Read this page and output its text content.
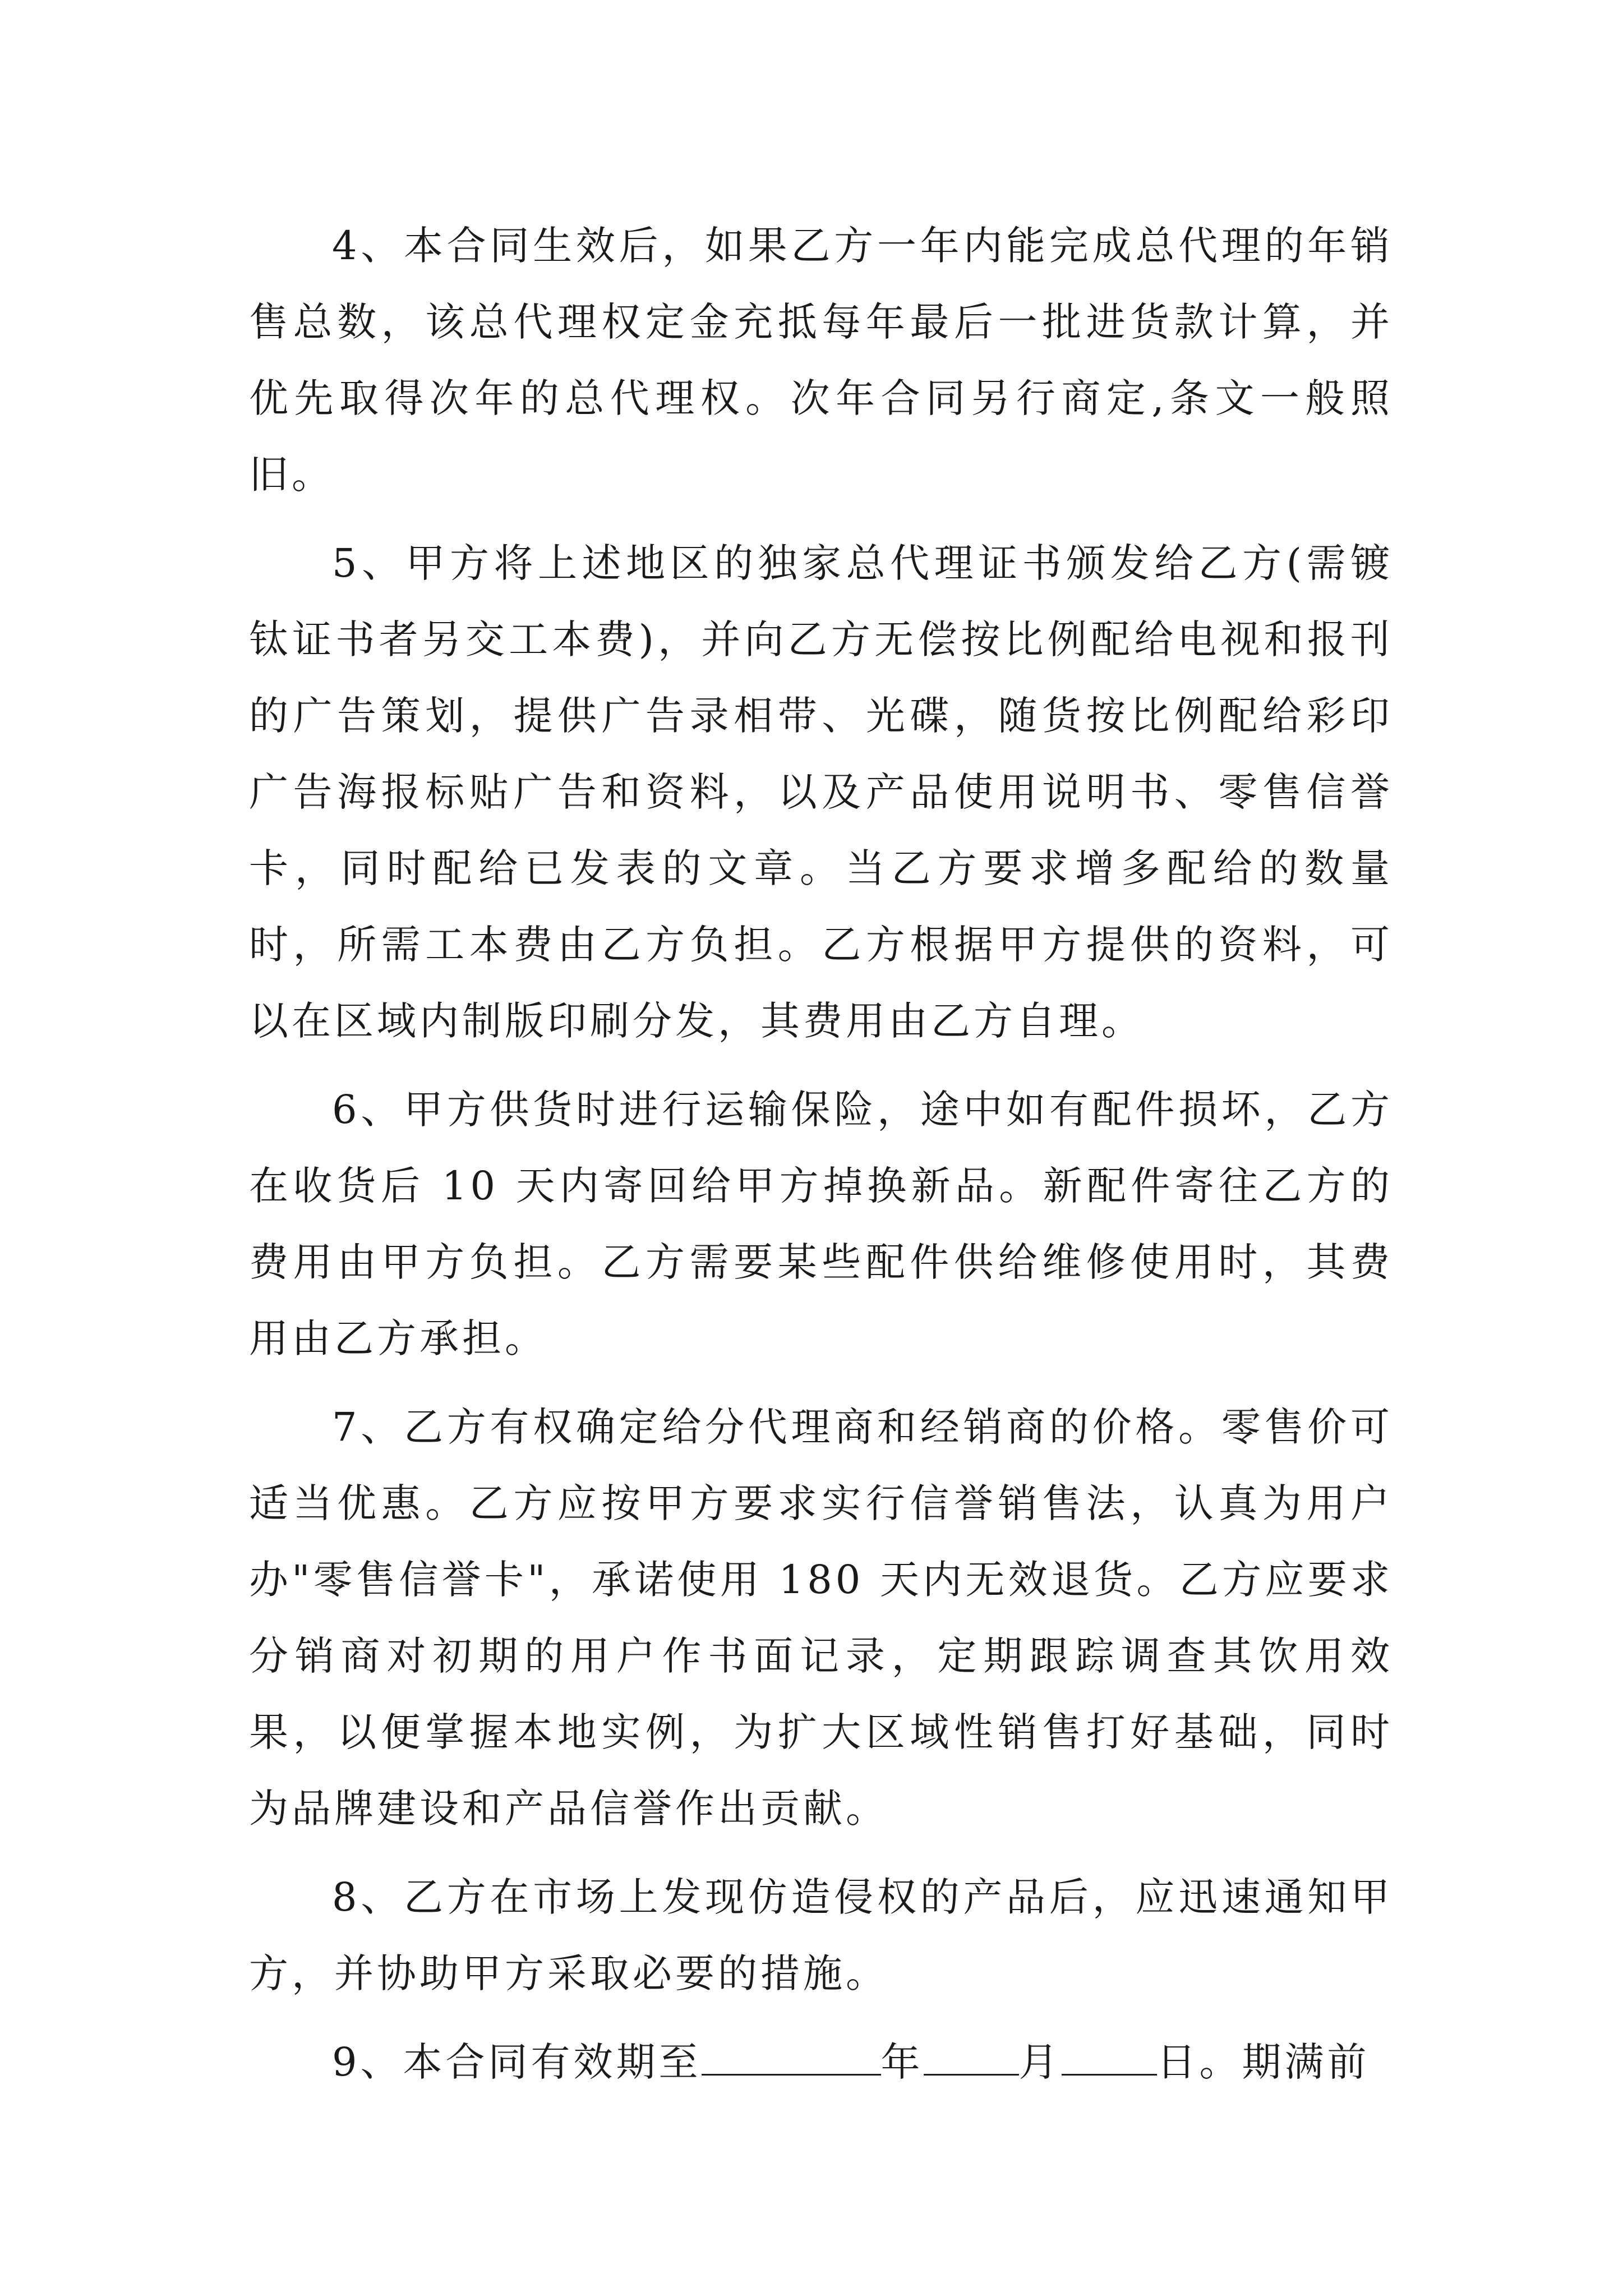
4、本合同生效后，如果乙方一年内能完成总代理的年销售总数，该总代理权定金充抵每年最后一批进货款计算，并优先取得次年的总代理权。次年合同另行商定,条文一般照旧。

5、甲方将上述地区的独家总代理证书颁发给乙方(需镀钛证书者另交工本费)，并向乙方无偿按比例配给电视和报刊的广告策划，提供广告录相带、光碟，随货按比例配给彩印广告海报标贴广告和资料，以及产品使用说明书、零售信誉卡，同时配给已发表的文章。当乙方要求增多配给的数量时，所需工本费由乙方负担。乙方根据甲方提供的资料，可以在区域内制版印刷分发，其费用由乙方自理。

6、甲方供货时进行运输保险，途中如有配件损坏，乙方在收货后 10 天内寄回给甲方掉换新品。新配件寄往乙方的费用由甲方负担。乙方需要某些配件供给维修使用时，其费用由乙方承担。

7、乙方有权确定给分代理商和经销商的价格。零售价可适当优惠。乙方应按甲方要求实行信誉销售法，认真为用户办"零售信誉卡"，承诺使用 180 天内无效退货。乙方应要求分销商对初期的用户作书面记录，定期跟踪调查其饮用效果，以便掌握本地实例，为扩大区域性销售打好基础，同时为品牌建设和产品信誉作出贡献。

8、乙方在市场上发现仿造侵权的产品后，应迅速通知甲方，并协助甲方采取必要的措施。

9、本合同有效期至	年 月 日。期满前
